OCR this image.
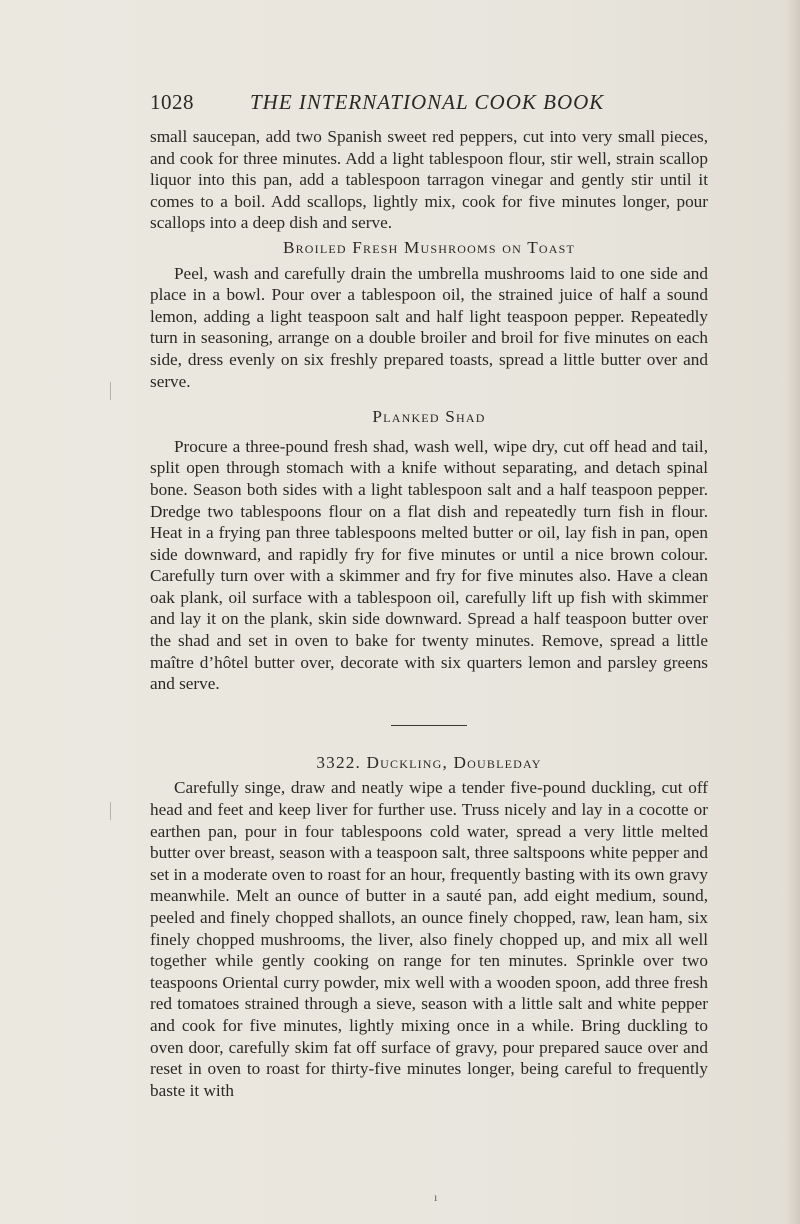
1028	THE INTERNATIONAL COOK BOOK

small saucepan, add two Spanish sweet red peppers, cut into very small pieces, and cook for three minutes. Add a light tablespoon flour, stir well, strain scallop liquor into this pan, add a tablespoon tarragon vinegar and gently stir until it comes to a boil. Add scallops, lightly mix, cook for five minutes longer, pour scallops into a deep dish and serve.

Broiled Fresh Mushrooms on Toast

Peel, wash and carefully drain the umbrella mushrooms laid to one side and place in a bowl. Pour over a tablespoon oil, the strained juice of half a sound lemon, adding a light teaspoon salt and half light teaspoon pepper. Repeatedly turn in seasoning, arrange on a double broiler and broil for five minutes on each side, dress evenly on six freshly prepared toasts, spread a little butter over and serve.

Planked Shad

Procure a three-pound fresh shad, wash well, wipe dry, cut off head and tail, split open through stomach with a knife without separating, and detach spinal bone. Season both sides with a light tablespoon salt and a half teaspoon pepper. Dredge two tablespoons flour on a flat dish and repeatedly turn fish in flour. Heat in a frying pan three tablespoons melted butter or oil, lay fish in pan, open side downward, and rapidly fry for five minutes or until a nice brown colour. Carefully turn over with a skimmer and fry for five minutes also. Have a clean oak plank, oil surface with a tablespoon oil, carefully lift up fish with skimmer and lay it on the plank, skin side downward. Spread a half teaspoon butter over the shad and set in oven to bake for twenty minutes. Remove, spread a little maître d’hôtel butter over, decorate with six quarters lemon and parsley greens and serve.

3322. Duckling, Doubleday

Carefully singe, draw and neatly wipe a tender five-pound duckling, cut off head and feet and keep liver for further use. Truss nicely and lay in a cocotte or earthen pan, pour in four tablespoons cold water, spread a very little melted butter over breast, season with a teaspoon salt, three saltspoons white pepper and set in a moderate oven to roast for an hour, frequently basting with its own gravy meanwhile. Melt an ounce of butter in a sauté pan, add eight medium, sound, peeled and finely chopped shallots, an ounce finely chopped, raw, lean ham, six finely chopped mushrooms, the liver, also finely chopped up, and mix all well together while gently cooking on range for ten minutes. Sprinkle over two teaspoons Oriental curry powder, mix well with a wooden spoon, add three fresh red tomatoes strained through a sieve, season with a little salt and white pepper and cook for five minutes, lightly mixing once in a while. Bring duckling to oven door, carefully skim fat off surface of gravy, pour prepared sauce over and reset in oven to roast for thirty-five minutes longer, being careful to frequently baste it with

ı
